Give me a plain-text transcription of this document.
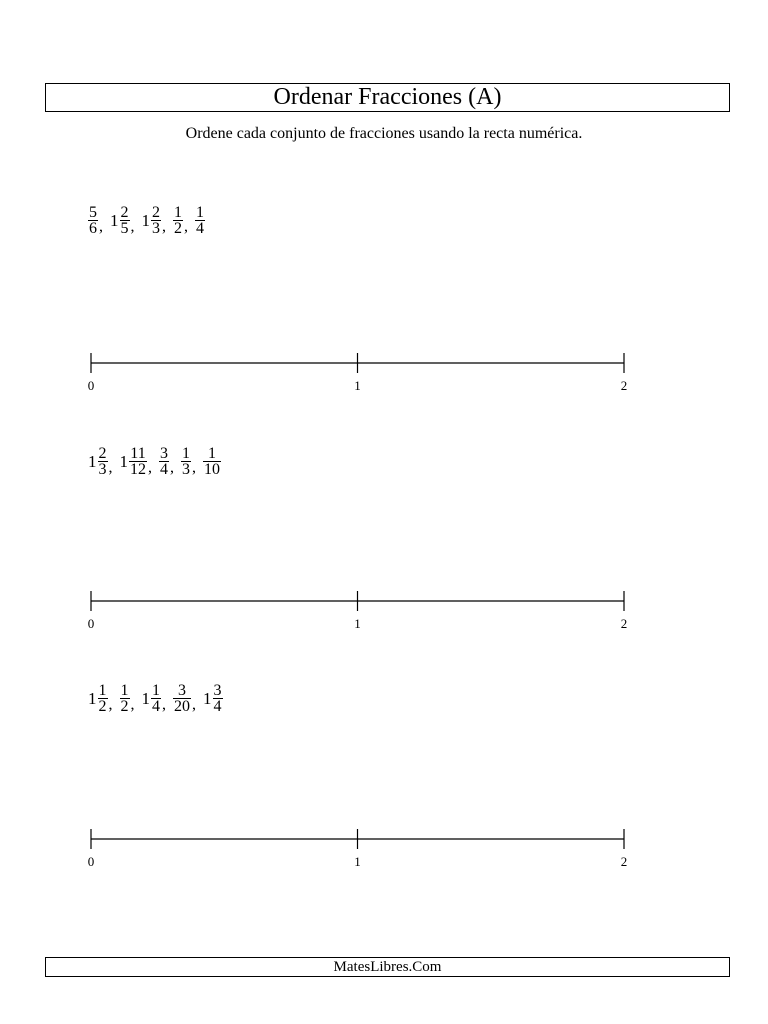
Ordenar Fracciones (A)
Ordene cada conjunto de fracciones usando la recta numérica.
$\frac{5}{6}$ , $1 \frac{2}{5}$ , $1 \frac{2}{3}$ , $\frac{1}{2}$ , $\frac{1}{4}$
0	1	2
$1 \frac{2}{3}$ , $1 \frac{11}{12}$ , $\frac{3}{4}$ , $\frac{1}{3}$ , $\frac{1}{10}$
0	1	2
$1 \frac{1}{2}$ , $\frac{1}{2}$ , $1 \frac{1}{4}$ , $\frac{3}{20}$ , $1 \frac{3}{4}$
0	1	2
MatesLibres.Com
